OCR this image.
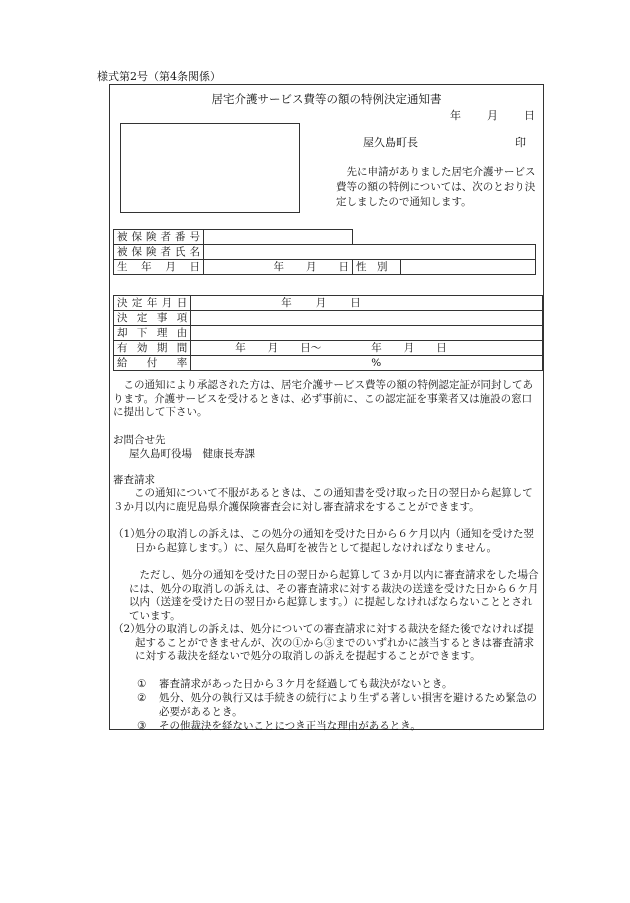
様式第2号（第4条関係）
居宅介護サービス費等の額の特例決定通知書
年 月 日
屋久島町長	印
先に申請がありました居宅介護サービス費等の額の特例については、次のとおり決定しましたので通知します。
被保険者番号		
被保険者氏名		
生年月日	年 月 日	性　別
決定年月日	年 月 日
決定事項	
却下理由	
有効期間	年 月 日～ 年 月 日
給付率	%
この通知により承認された方は、居宅介護サービス費等の額の特例認定証が同封してあります。介護サービスを受けるときは、必ず事前に、この認定証を事業者又は施設の窓口に提出して下さい。
お問合せ先
屋久島町役場　健康長寿課
審査請求
この通知について不服があるときは、この通知書を受け取った日の翌日から起算して３か月以内に鹿児島県介護保険審査会に対し審査請求をすることができます。
（1）
処分の取消しの訴えは、この処分の通知を受けた日から６ケ月以内（通知を受けた翌日から起算します。）に、屋久島町を被告として提起しなければなりません。
ただし、処分の通知を受けた日の翌日から起算して３か月以内に審査請求をした場合には、処分の取消しの訴えは、その審査請求に対する裁決の送達を受けた日から６ケ月以内（送達を受けた日の翌日から起算します。）に提起しなければならないこととされています。
（2）
処分の取消しの訴えは、処分についての審査請求に対する裁決を経た後でなければ提起することができませんが、次の①から③までのいずれかに該当するときは審査請求に対する裁決を経ないで処分の取消しの訴えを提起することができます。
①	審査請求があった日から３ケ月を経過しても裁決がないとき。
②	処分、処分の執行又は手続きの続行により生ずる著しい損害を避けるため緊急の必要があるとき。
③	その他裁決を経ないことにつき正当な理由があるとき。
